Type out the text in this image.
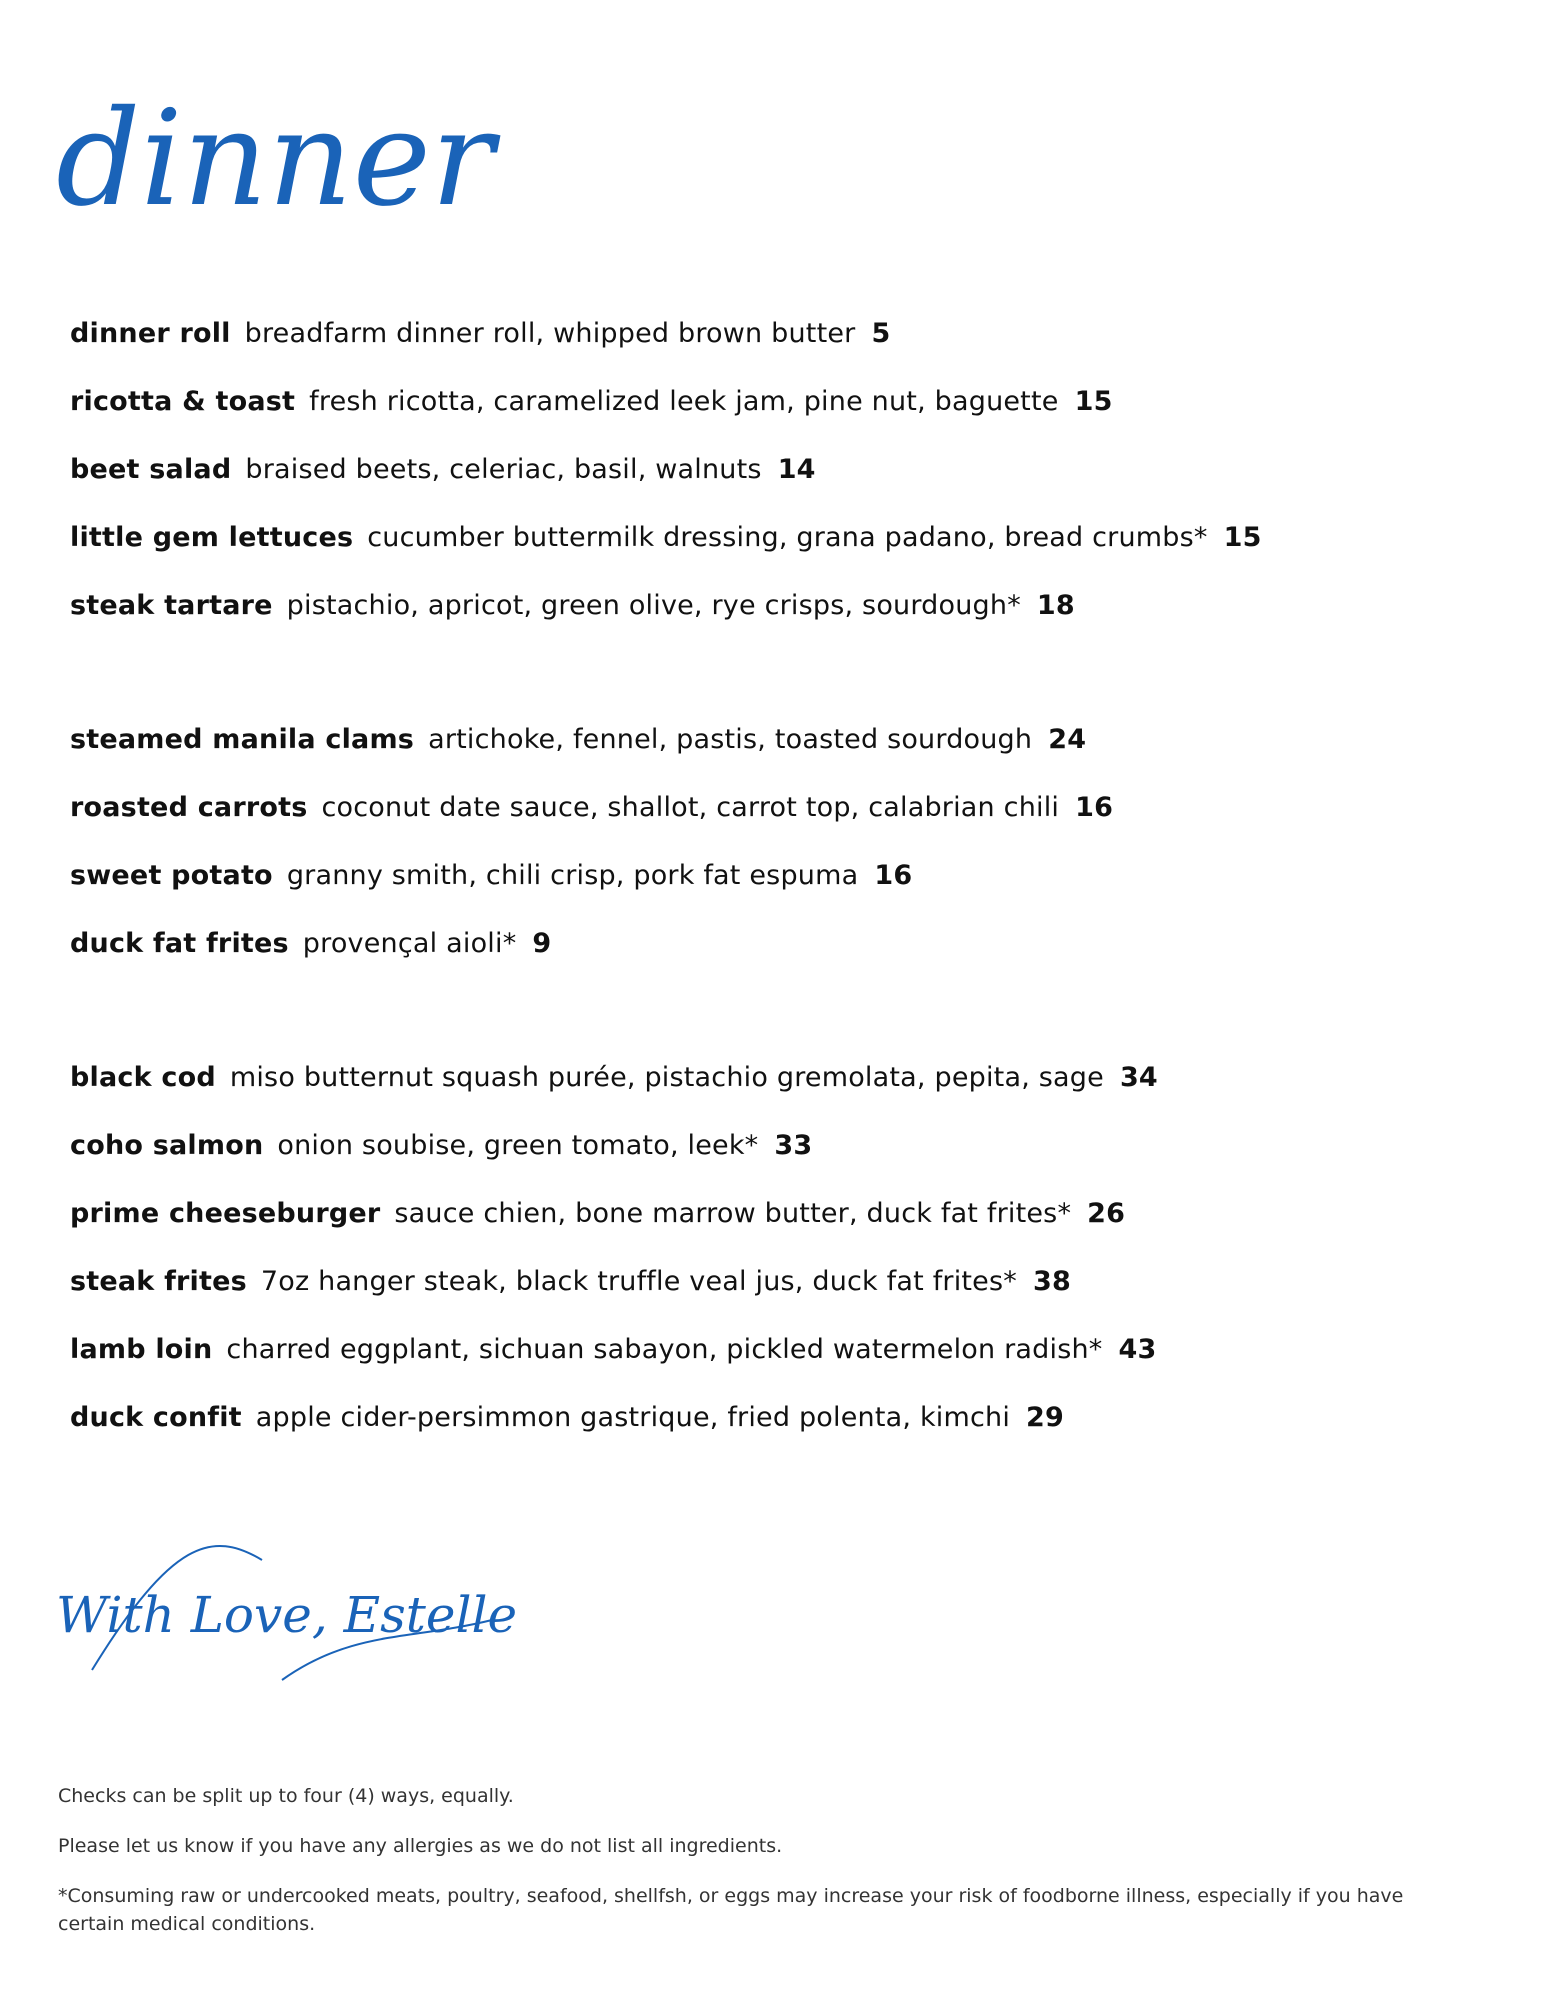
dinner
dinner roll breadfarm dinner roll, whipped brown butter 5
ricotta & toast fresh ricotta, caramelized leek jam, pine nut, baguette 15
beet salad braised beets, celeriac, basil, walnuts 14
little gem lettuces cucumber buttermilk dressing, grana padano, bread crumbs* 15
steak tartare pistachio, apricot, green olive, rye crisps, sourdough* 18
steamed manila clams artichoke, fennel, pastis, toasted sourdough 24
roasted carrots coconut date sauce, shallot, carrot top, calabrian chili 16
sweet potato granny smith, chili crisp, pork fat espuma 16
duck fat frites provençal aioli* 9
black cod miso butternut squash purée, pistachio gremolata, pepita, sage 34
coho salmon onion soubise, green tomato, leek* 33
prime cheeseburger sauce chien, bone marrow butter, duck fat frites* 26
steak frites 7oz hanger steak, black truffle veal jus, duck fat frites* 38
lamb loin charred eggplant, sichuan sabayon, pickled watermelon radish* 43
duck confit apple cider-persimmon gastrique, fried polenta, kimchi 29
With Love, Estelle

Checks can be split up to four (4) ways, equally.

Please let us know if you have any allergies as we do not list all ingredients.

*Consuming raw or undercooked meats, poultry, seafood, shellfsh, or eggs may increase your risk of foodborne illness, especially if you have certain medical conditions.
